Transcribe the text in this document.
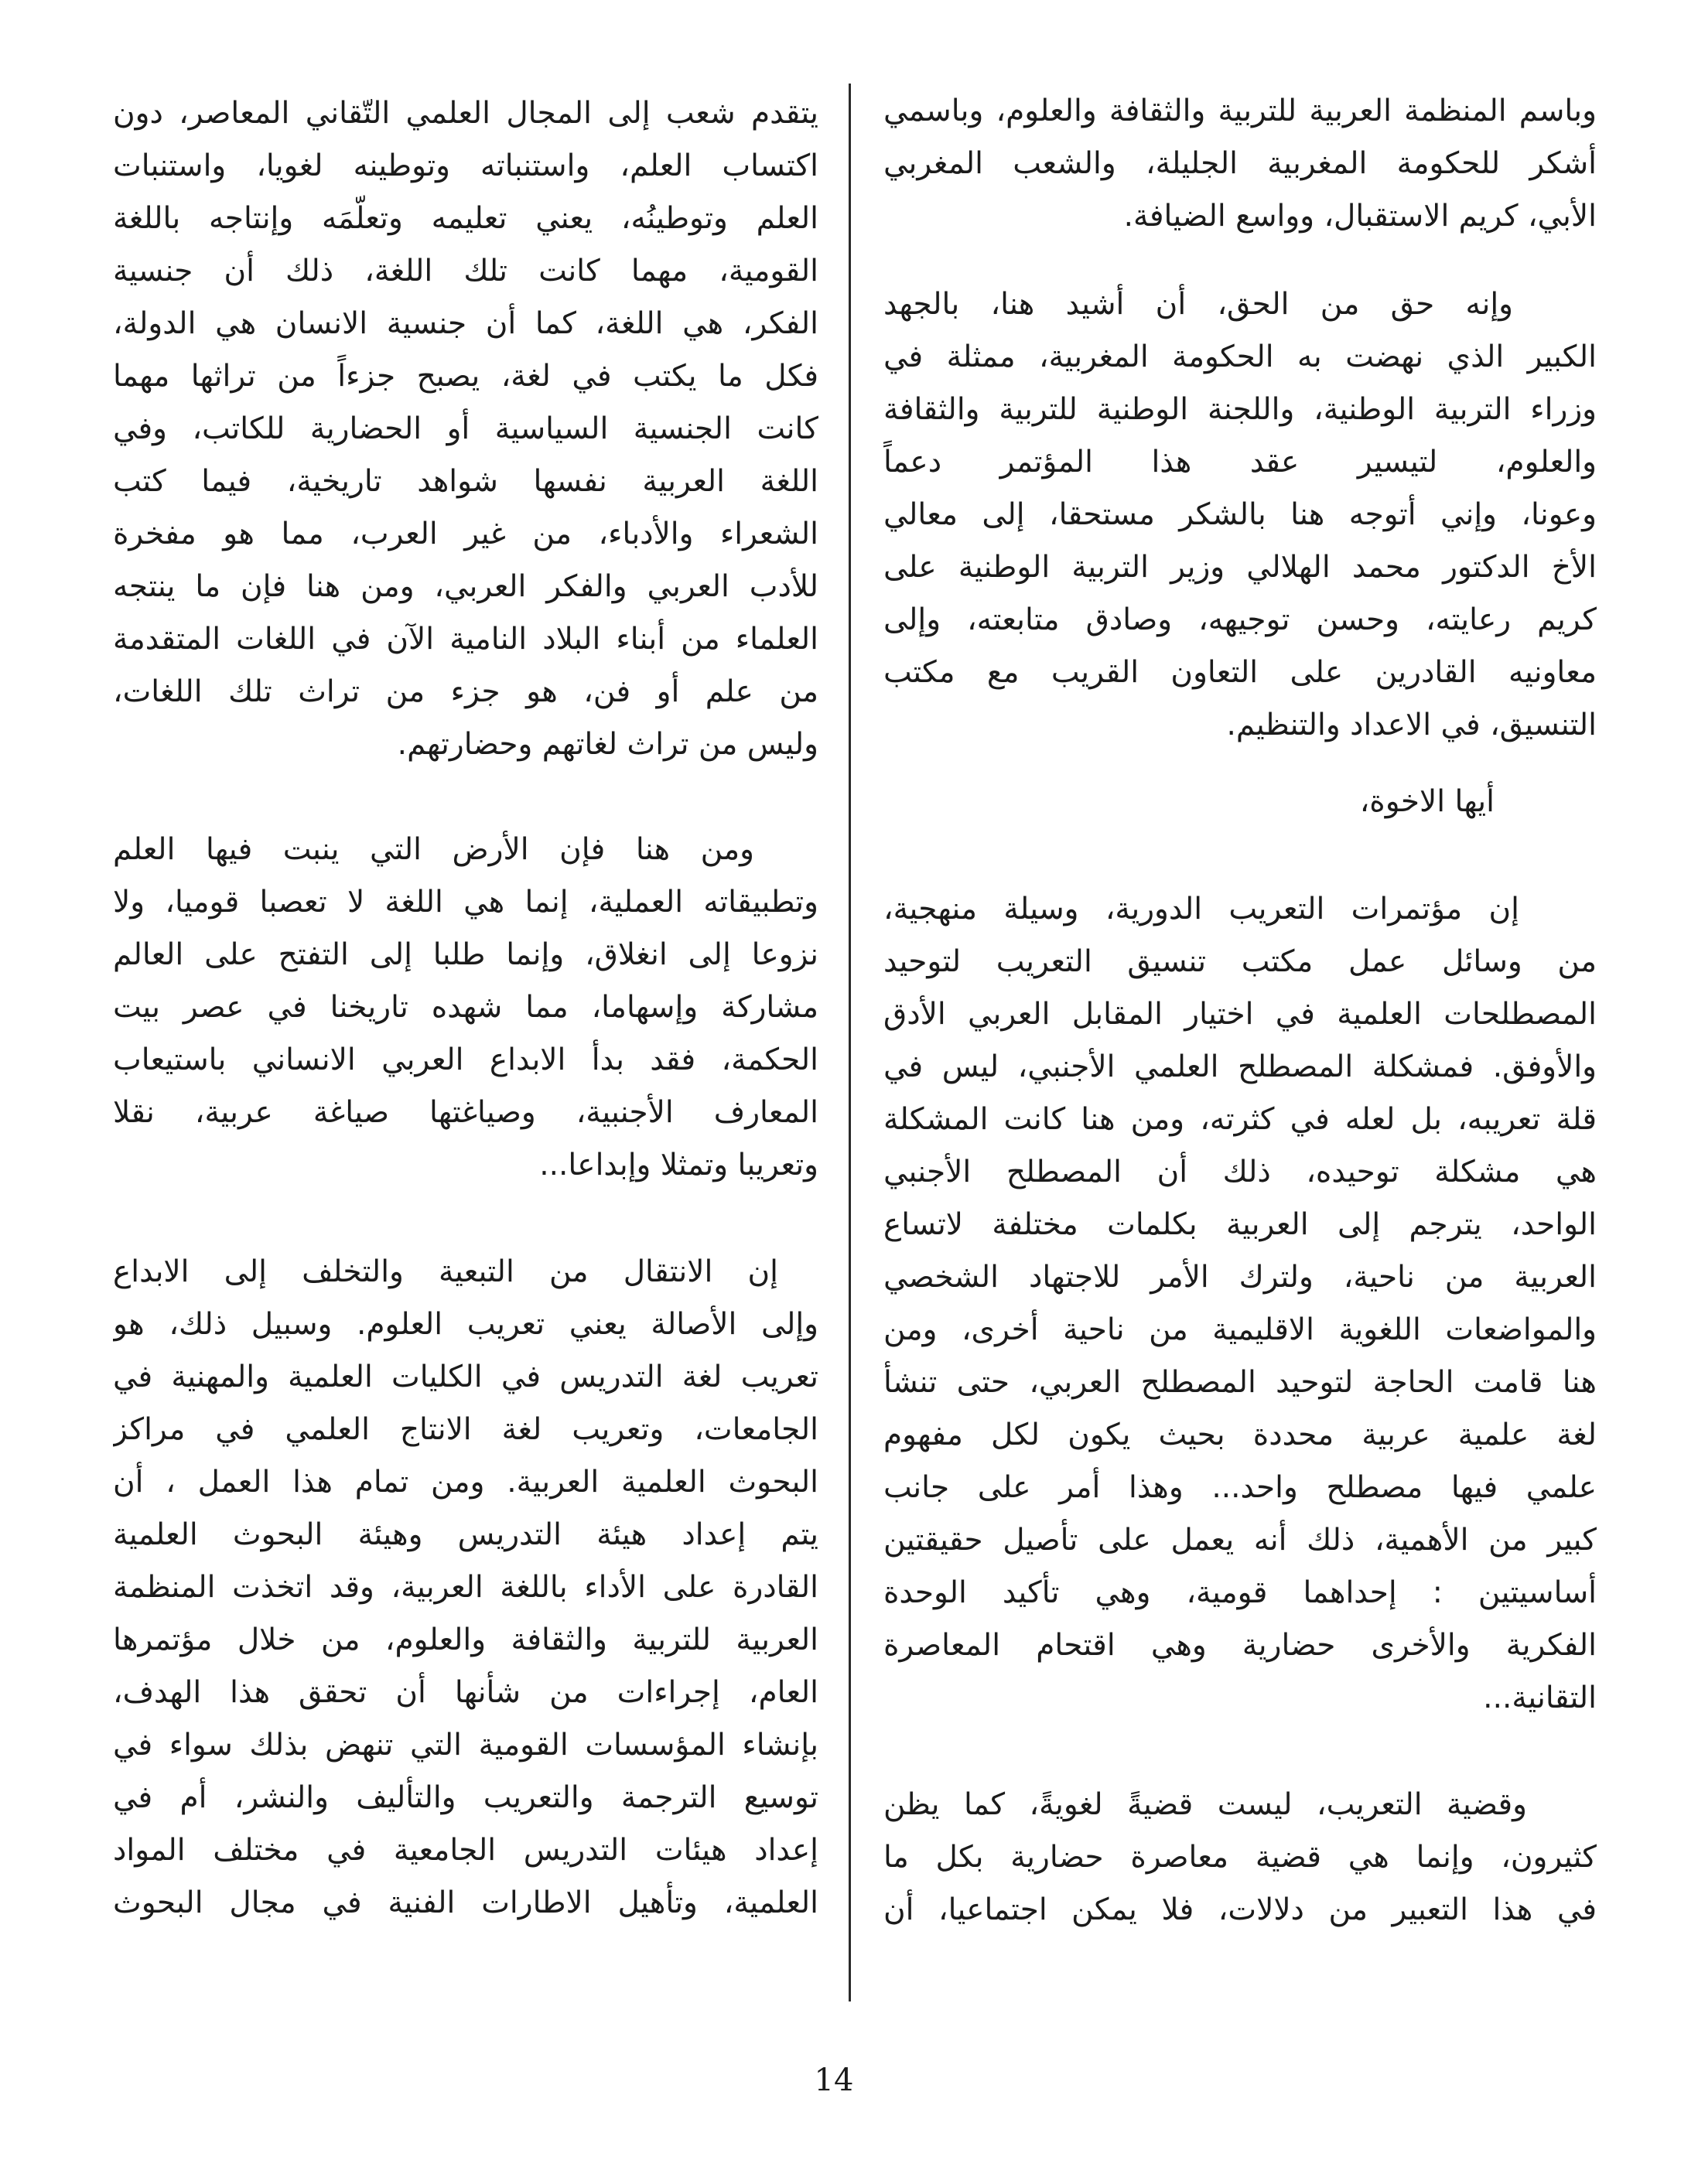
وباسم المنظمة العربية للتربية والثقافة والعلوم، وباسمي
أشكر للحكومة المغربية الجليلة، والشعب المغربي
الأبي، كريم الاستقبال، وواسع الضيافة.
وإنه حق من الحق، أن أشيد هنا، بالجهد
الكبير الذي نهضت به الحكومة المغربية، ممثلة في
وزراء التربية الوطنية، واللجنة الوطنية للتربية والثقافة
والعلوم، لتيسير عقد هذا المؤتمر دعماً
وعونا، وإني أتوجه هنا بالشكر مستحقا، إلى معالي
الأخ الدكتور محمد الهلالي وزير التربية الوطنية على
كريم رعايته، وحسن توجيهه، وصادق متابعته، وإلى
معاونيه القادرين على التعاون القريب مع مكتب
التنسيق، في الاعداد والتنظيم.
أيها الاخوة،
إن مؤتمرات التعريب الدورية، وسيلة منهجية،
من وسائل عمل مكتب تنسيق التعريب لتوحيد
المصطلحات العلمية في اختيار المقابل العربي الأدق
والأوفق. فمشكلة المصطلح العلمي الأجنبي، ليس في
قلة تعريبه، بل لعله في كثرته، ومن هنا كانت المشكلة
هي مشكلة توحيده، ذلك أن المصطلح الأجنبي
الواحد، يترجم إلى العربية بكلمات مختلفة لاتساع
العربية من ناحية، ولترك الأمر للاجتهاد الشخصي
والمواضعات اللغوية الاقليمية من ناحية أخرى، ومن
هنا قامت الحاجة لتوحيد المصطلح العربي، حتى تنشأ
لغة علمية عربية محددة بحيث يكون لكل مفهوم
علمي فيها مصطلح واحد... وهذا أمر على جانب
كبير من الأهمية، ذلك أنه يعمل على تأصيل حقيقتين
أساسيتين : إحداهما قومية، وهي تأكيد الوحدة
الفكرية والأخرى حضارية وهي اقتحام المعاصرة
التقانية...
وقضية التعريب، ليست قضيةً لغويةً، كما يظن
كثيرون، وإنما هي قضية معاصرة حضارية بكل ما
في هذا التعبير من دلالات، فلا يمكن اجتماعيا، أن
يتقدم شعب إلى المجال العلمي التّقاني المعاصر، دون
اكتساب العلم، واستنباته وتوطينه لغويا، واستنبات
العلم وتوطينُه، يعني تعليمه وتعلّمَه وإنتاجه باللغة
القومية، مهما كانت تلك اللغة، ذلك أن جنسية
الفكر، هي اللغة، كما أن جنسية الانسان هي الدولة،
فكل ما يكتب في لغة، يصبح جزءاً من تراثها مهما
كانت الجنسية السياسية أو الحضارية للكاتب، وفي
اللغة العربية نفسها شواهد تاريخية، فيما كتب
الشعراء والأدباء، من غير العرب، مما هو مفخرة
للأدب العربي والفكر العربي، ومن هنا فإن ما ينتجه
العلماء من أبناء البلاد النامية الآن في اللغات المتقدمة
من علم أو فن، هو جزء من تراث تلك اللغات،
وليس من تراث لغاتهم وحضارتهم.
ومن هنا فإن الأرض التي ينبت فيها العلم
وتطبيقاته العملية، إنما هي اللغة لا تعصبا قوميا، ولا
نزوعا إلى انغلاق، وإنما طلبا إلى التفتح على العالم
مشاركة وإسهاما، مما شهده تاريخنا في عصر بيت
الحكمة، فقد بدأ الابداع العربي الانساني باستيعاب
المعارف الأجنبية، وصياغتها صياغة عربية، نقلا
وتعريبا وتمثلا وإبداعا...
إن الانتقال من التبعية والتخلف إلى الابداع
وإلى الأصالة يعني تعريب العلوم. وسبيل ذلك، هو
تعريب لغة التدريس في الكليات العلمية والمهنية في
الجامعات، وتعريب لغة الانتاج العلمي في مراكز
البحوث العلمية العربية. ومن تمام هذا العمل ، أن
يتم إعداد هيئة التدريس وهيئة البحوث العلمية
القادرة على الأداء باللغة العربية، وقد اتخذت المنظمة
العربية للتربية والثقافة والعلوم، من خلال مؤتمرها
العام، إجراءات من شأنها أن تحقق هذا الهدف،
بإنشاء المؤسسات القومية التي تنهض بذلك سواء في
توسيع الترجمة والتعريب والتأليف والنشر، أم في
إعداد هيئات التدريس الجامعية في مختلف المواد
العلمية، وتأهيل الاطارات الفنية في مجال البحوث
14
